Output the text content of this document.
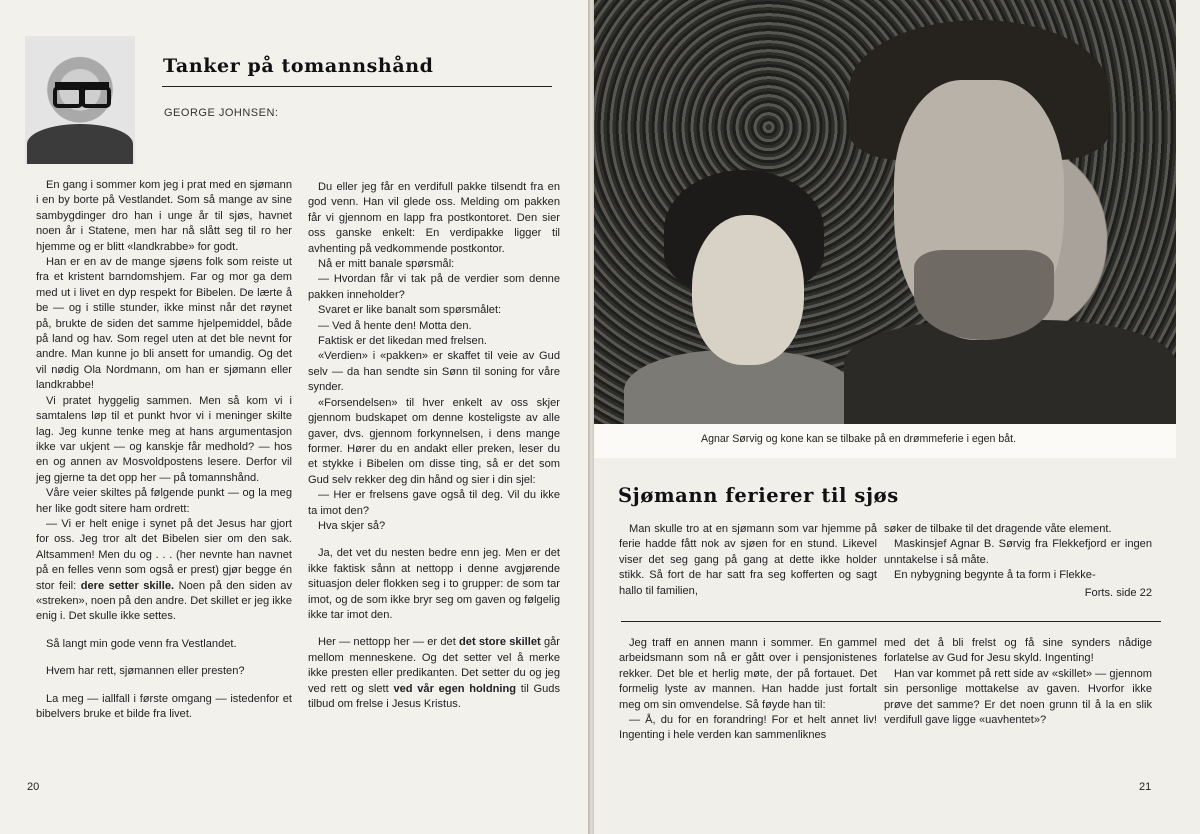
Tanker på tomannshånd
GEORGE JOHNSEN:

En gang i sommer kom jeg i prat med en sjømann i en by borte på Vestlandet. Som så mange av sine sambygdinger dro han i unge år til sjøs, havnet noen år i Statene, men har nå slått seg til ro her hjemme og er blitt «landkrabbe» for godt.

Han er en av de mange sjøens folk som reiste ut fra et kristent barndomshjem. Far og mor ga dem med ut i livet en dyp respekt for Bibelen. De lærte å be — og i stille stunder, ikke minst når det røynet på, brukte de siden det samme hjelpemiddel, både på land og hav. Som regel uten at det ble nevnt for andre. Man kunne jo bli ansett for umandig. Og det vil nødig Ola Nordmann, om han er sjømann eller landkrabbe!

Vi pratet hyggelig sammen. Men så kom vi i samtalens løp til et punkt hvor vi i meninger skilte lag. Jeg kunne tenke meg at hans argumentasjon ikke var ukjent — og kanskje får medhold? — hos en og annen av Mosvoldpostens lesere. Derfor vil jeg gjerne ta det opp her — på tomannshånd.

Våre veier skiltes på følgende punkt — og la meg her like godt sitere ham ordrett:

— Vi er helt enige i synet på det Jesus har gjort for oss. Jeg tror alt det Bibelen sier om den sak. Altsammen! Men du og . . . (her nevnte han navnet på en felles venn som også er prest) gjør begge én stor feil: dere setter skille. Noen på den siden av «streken», noen på den andre. Det skillet er jeg ikke enig i. Det skulle ikke settes.

Så langt min gode venn fra Vestlandet.

Hvem har rett, sjømannen eller presten?

La meg — iallfall i første omgang — istedenfor et bibelvers bruke et bilde fra livet.

Du eller jeg får en verdifull pakke tilsendt fra en god venn. Han vil glede oss. Melding om pakken får vi gjennom en lapp fra postkontoret. Den sier oss ganske enkelt: En verdipakke ligger til avhenting på vedkommende postkontor.

Nå er mitt banale spørsmål:

— Hvordan får vi tak på de verdier som denne pakken inneholder?

Svaret er like banalt som spørsmålet:

— Ved å hente den! Motta den.

Faktisk er det likedan med frelsen.

«Verdien» i «pakken» er skaffet til veie av Gud selv — da han sendte sin Sønn til soning for våre synder.

«Forsendelsen» til hver enkelt av oss skjer gjennom budskapet om denne kosteligste av alle gaver, dvs. gjennom forkynnelsen, i dens mange former. Hører du en andakt eller preken, leser du et stykke i Bibelen om disse ting, så er det som Gud selv rekker deg din hånd og sier i din sjel:

— Her er frelsens gave også til deg. Vil du ikke ta imot den?

Hva skjer så?

Ja, det vet du nesten bedre enn jeg. Men er det ikke faktisk sånn at nettopp i denne avgjørende situasjon deler flokken seg i to grupper: de som tar imot, og de som ikke bryr seg om gaven og følgelig ikke tar imot den.

Her — nettopp her — er det det store skillet går mellom menneskene. Og det setter vel å merke ikke presten eller predikanten. Det setter du og jeg ved rett og slett ved vår egen holdning til Guds tilbud om frelse i Jesus Kristus.

20
Agnar Sørvig og kone kan se tilbake på en drømmeferie i egen båt.
Sjømann ferierer til sjøs

Man skulle tro at en sjømann som var hjemme på ferie hadde fått nok av sjøen for en stund. Likevel viser det seg gang på gang at dette ikke holder stikk. Så fort de har satt fra seg kofferten og sagt hallo til familien,

søker de tilbake til det dragende våte element.

Maskinsjef Agnar B. Sørvig fra Flekkefjord er ingen unntakelse i så måte.

En nybygning begynte å ta form i Flekke-

Forts. side 22

Jeg traff en annen mann i sommer. En gammel arbeidsmann som nå er gått over i pensjonistenes rekker. Det ble et herlig møte, der på fortauet. Det formelig lyste av mannen. Han hadde just fortalt meg om sin omvendelse. Så føyde han til:

— Å, du for en forandring! For et helt annet liv! Ingenting i hele verden kan sammenliknes

med det å bli frelst og få sine synders nådige forlatelse av Gud for Jesu skyld. Ingenting!

Han var kommet på rett side av «skillet» — gjennom sin personlige mottakelse av gaven. Hvorfor ikke prøve det samme? Er det noen grunn til å la en slik verdifull gave ligge «uavhentet»?

21
